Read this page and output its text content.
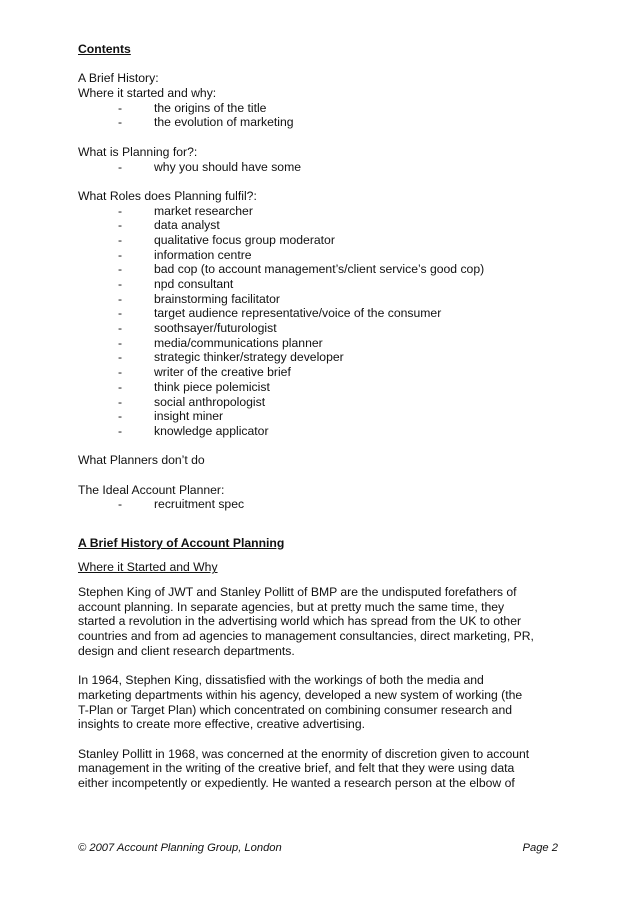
Contents
A Brief History:
Where it started and why:
-	the origins of the title
-	the evolution of marketing
What is Planning for?:
-	why you should have some
What Roles does Planning fulfil?:
-	market researcher
-	data analyst
-	qualitative focus group moderator
-	information centre
-	bad cop (to account management’s/client service’s good cop)
-	npd consultant
-	brainstorming facilitator
-	target audience representative/voice of the consumer
-	soothsayer/futurologist
-	media/communications planner
-	strategic thinker/strategy developer
-	writer of the creative brief
-	think piece polemicist
-	social anthropologist
-	insight miner
-	knowledge applicator
What Planners don’t do
The Ideal Account Planner:
-	recruitment spec
A Brief History of Account Planning
Where it Started and Why
Stephen King of JWT and Stanley Pollitt of BMP are the undisputed forefathers of
account planning. In separate agencies, but at pretty much the same time, they
started a revolution in the advertising world which has spread from the UK to other
countries and from ad agencies to management consultancies, direct marketing, PR,
design and client research departments.
In 1964, Stephen King, dissatisfied with the workings of both the media and
marketing departments within his agency, developed a new system of working (the
T-Plan or Target Plan) which concentrated on combining consumer research and
insights to create more effective, creative advertising.
Stanley Pollitt in 1968, was concerned at the enormity of discretion given to account
management in the writing of the creative brief, and felt that they were using data
either incompetently or expediently. He wanted a research person at the elbow of
© 2007 Account Planning Group, London	Page 2
